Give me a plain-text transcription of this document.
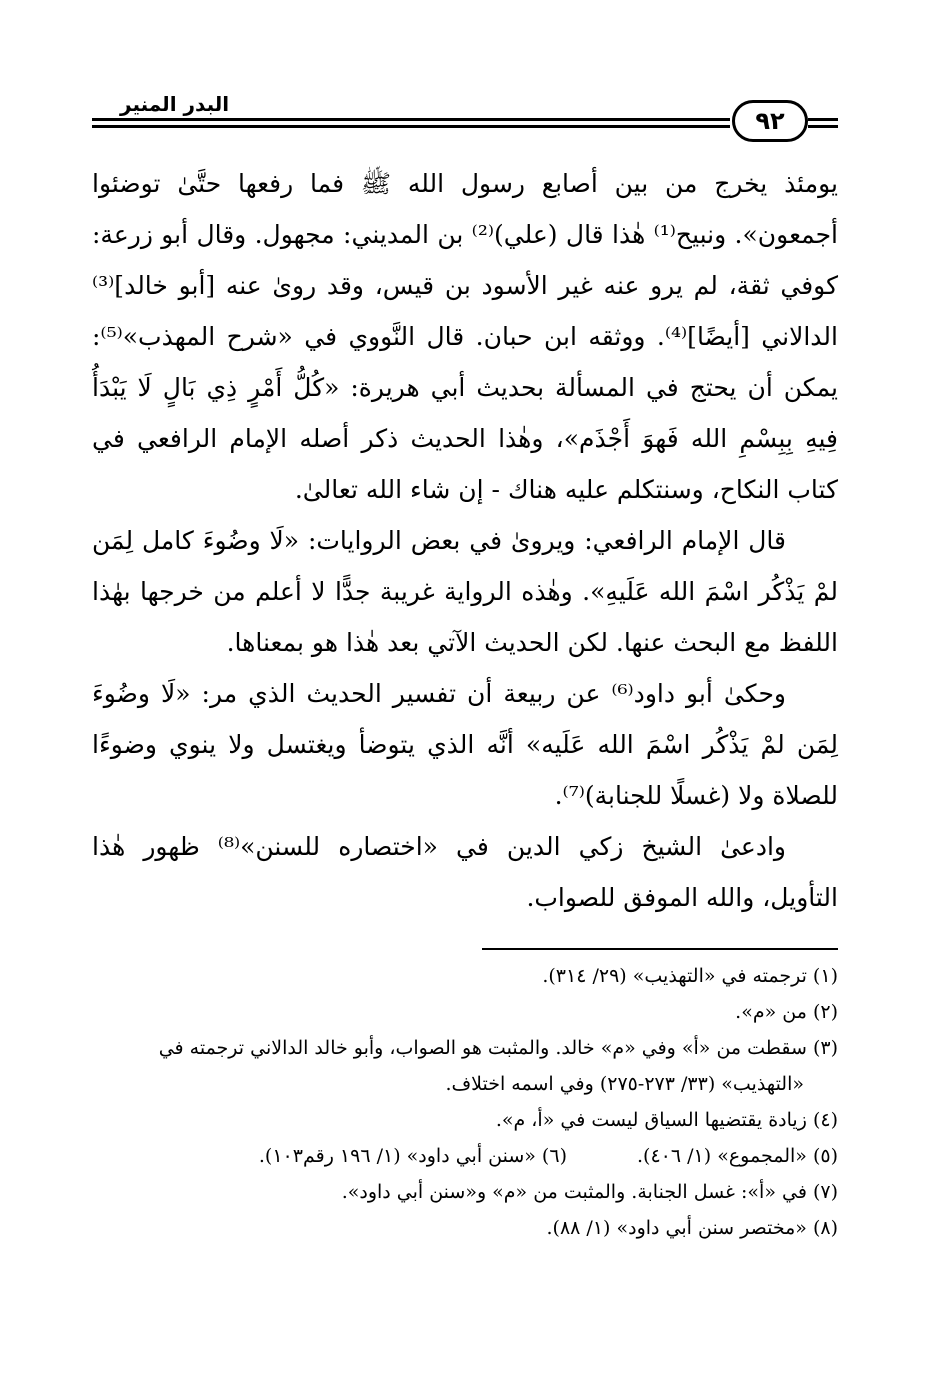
البدر المنير
٩٢

يومئذ يخرج من بين أصابع رسول الله ﷺ فما رفعها حتَّىٰ توضئوا أجمعون». ونبيح⁽¹⁾ هٰذا قال (علي)⁽²⁾ بن المديني: مجهول. وقال أبو زرعة: كوفي ثقة، لم يرو عنه غير الأسود بن قيس، وقد روىٰ عنه [أبو خالد]⁽³⁾ الدالاني [أيضًا]⁽⁴⁾. ووثقه ابن حبان. قال النَّووي في «شرح المهذب»⁽⁵⁾: يمكن أن يحتج في المسألة بحديث أبي هريرة: «كُلُّ أَمْرٍ ذِي بَالٍ لَا يَبْدَأُ فِيهِ بِبِسْمِ الله فَهوَ أَجْذَم»، وهٰذا الحديث ذكر أصله الإمام الرافعي في كتاب النكاح، وسنتكلم عليه هناك - إن شاء الله تعالىٰ.

قال الإمام الرافعي: ويروىٰ في بعض الروايات: «لَا وضُوءَ كامل لِمَن لمْ يَذْكُر اسْمَ الله عَلَيهِ». وهٰذه الرواية غريبة جدًّا لا أعلم من خرجها بهٰذا اللفظ مع البحث عنها. لكن الحديث الآتي بعد هٰذا هو بمعناها.

وحكىٰ أبو داود⁽⁶⁾ عن ربيعة أن تفسير الحديث الذي مر: «لَا وضُوءَ لِمَن لمْ يَذْكُر اسْمَ الله عَلَيه» أنَّه الذي يتوضأ ويغتسل ولا ينوي وضوءًا للصلاة ولا (غسلًا للجنابة)⁽⁷⁾.

وادعىٰ الشيخ زكي الدين في «اختصاره للسنن»⁽⁸⁾ ظهور هٰذا التأويل، والله الموفق للصواب.

(١) ترجمته في «التهذيب» (٢٩/ ٣١٤).
(٢) من «م».
(٣) سقطت من «أ» وفي «م» خالد. والمثبت هو الصواب، وأبو خالد الدالاني ترجمته في
«التهذيب» (٣٣/ ٢٧٣-٢٧٥) وفي اسمه اختلاف.
(٤) زيادة يقتضيها السياق ليست في «أ، م».
(٥) «المجموع» (١/ ٤٠٦).
(٦) «سنن أبي داود» (١/ ١٩٦ رقم١٠٣).
(٧) في «أ»: غسل الجنابة. والمثبت من «م» و«سنن أبي داود».
(٨) «مختصر سنن أبي داود» (١/ ٨٨).
